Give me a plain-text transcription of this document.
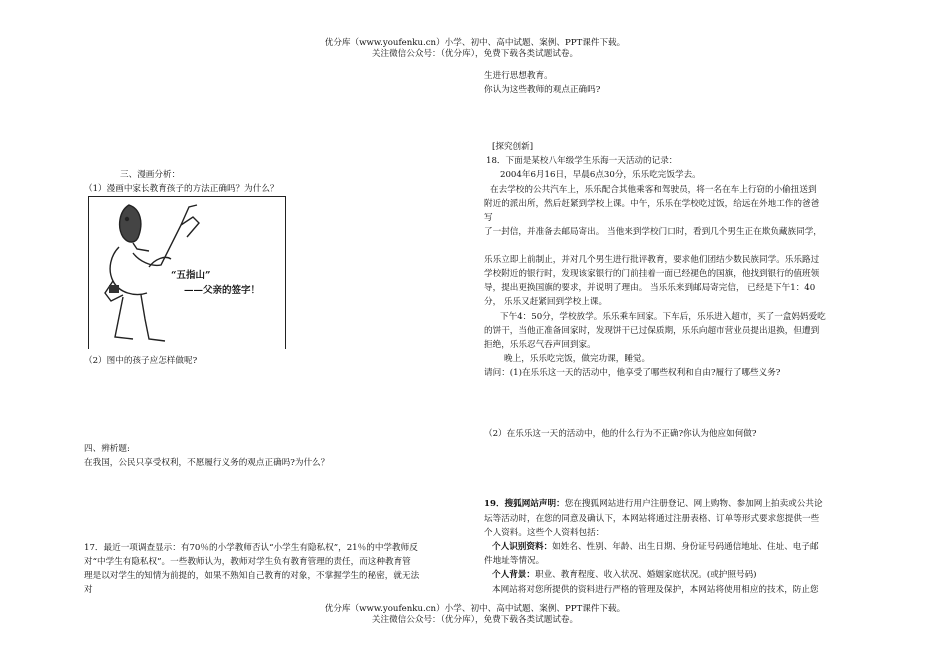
优分库（www.youfenku.cn）小学、初中、高中试题、案例、PPT课件下载。
关注微信公众号：（优分库），免费下载各类试题试卷。
三、漫画分析：
（1）漫画中家长教育孩子的方法正确吗？为什么？
“五指山”
——父亲的签字！
（2）图中的孩子应怎样做呢?
四、辨析题:
在我国，公民只享受权利，不愿履行义务的观点正确吗?为什么？
17．最近一项调查显示：有70％的小学教师否认“小学生有隐私权”，21％的中学教师反
对“中学生有隐私权”。一些教师认为，教师对学生负有教育管理的责任，而这种教育管
理是以对学生的知情为前提的，如果不熟知自己教育的对象，不掌握学生的秘密，就无法
对
生进行思想教育。
你认为这些教师的观点正确吗?
[探究创新]
18．下面是某校八年级学生乐海一天活动的记录：
2004年6月16日，早晨6点30分，乐乐吃完饭学去。
在去学校的公共汽车上，乐乐配合其他乘客和驾驶员，将一名在车上行窃的小偷扭送到
附近的派出所，然后赶紧到学校上课。中午，乐乐在学校吃过饭，给远在外地工作的爸爸
写
了一封信，并准备去邮局寄出。 当他来到学校门口时，看到几个男生正在欺负藏族同学，
乐乐立即上前制止，并对几个男生进行批评教育，要求他们团结少数民族同学。乐乐路过
学校附近的银行时，发现该家银行的门前挂着一面已经褪色的国旗，他找到银行的值班领
导，提出更换国旗的要求，并说明了理由。 当乐乐来到邮局寄完信， 已经是下午1：40
分， 乐乐又赶紧回到学校上课。
下午4：50分，学校放学。乐乐乘车回家。下车后，乐乐进入超市，买了一盒妈妈爱吃
的饼干，当他正准备回家时，发现饼干已过保质期，乐乐向超市营业员提出退换，但遭到
拒绝，乐乐忍气吞声回到家。
晚上，乐乐吃完饭，做完功课，睡觉。
请问：(1)在乐乐这一天的活动中，他享受了哪些权利和自由?履行了哪些义务?
（2）在乐乐这一天的活动中，他的什么行为不正确?你认为他应如何做?
19．搜狐网站声明：您在搜狐网站进行用户注册登记、网上购物、参加网上拍卖或公共论
坛等活动时，在您的同意及确认下，本网站将通过注册表格、订单等形式要求您提供一些
个人资料。这些个人资料包括：
个人识别资料：如姓名、性别、年龄、出生日期、身份证号码通信地址、住址、电子邮
件地址等情况。
个人背景：职业、教育程度、收入状况、婚姻家庭状况。(或护照号码)
本网站将对您所提供的资料进行严格的管理及保护，本网站将使用相应的技术，防止您
优分库（www.youfenku.cn）小学、初中、高中试题、案例、PPT课件下载。
关注微信公众号：（优分库），免费下载各类试题试卷。
